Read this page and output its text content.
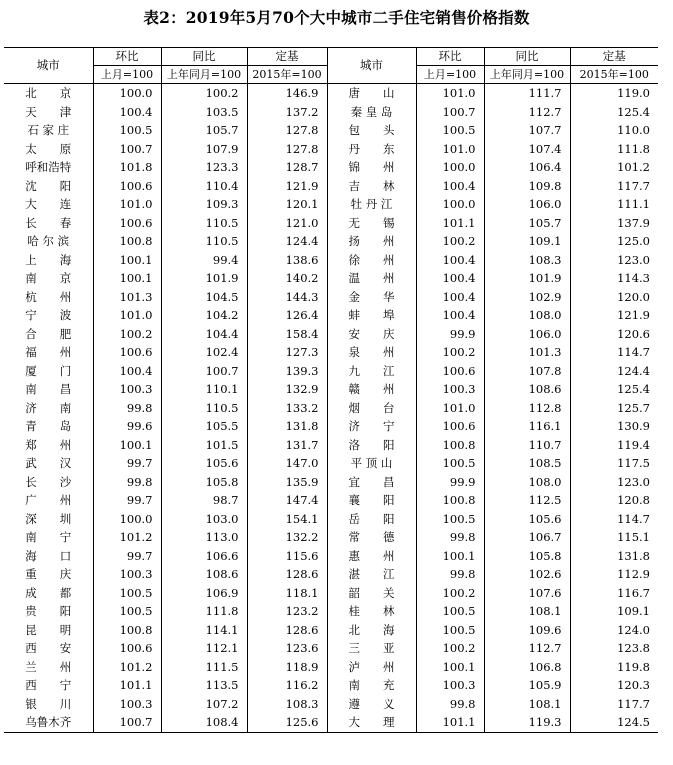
表2：2019年5月70个大中城市二手住宅销售价格指数
城市	环比	同比	定基	城市	环比	同比	定基
	上月=100	上年同月=100	2015年=100		上月=100	上年同月=100	2015年=100
北　　京	100.0	100.2	146.9	唐　　山	101.0	111.7	119.0
天　　津	100.4	103.5	137.2	秦 皇 岛	100.7	112.7	125.4
石 家 庄	100.5	105.7	127.8	包　　头	100.5	107.7	110.0
太　　原	100.7	107.9	127.8	丹　　东	101.0	107.4	111.8
呼和浩特	101.8	123.3	128.7	锦　　州	100.0	106.4	101.2
沈　　阳	100.6	110.4	121.9	吉　　林	100.4	109.8	117.7
大　　连	101.0	109.3	120.1	牡 丹 江	100.0	106.0	111.1
长　　春	100.6	110.5	121.0	无　　锡	101.1	105.7	137.9
哈 尔 滨	100.8	110.5	124.4	扬　　州	100.2	109.1	125.0
上　　海	100.1	99.4	138.6	徐　　州	100.4	108.3	123.0
南　　京	100.1	101.9	140.2	温　　州	100.4	101.9	114.3
杭　　州	101.3	104.5	144.3	金　　华	100.4	102.9	120.0
宁　　波	101.0	104.2	126.4	蚌　　埠	100.4	108.0	121.9
合　　肥	100.2	104.4	158.4	安　　庆	99.9	106.0	120.6
福　　州	100.6	102.4	127.3	泉　　州	100.2	101.3	114.7
厦　　门	100.4	100.7	139.3	九　　江	100.6	107.8	124.4
南　　昌	100.3	110.1	132.9	赣　　州	100.3	108.6	125.4
济　　南	99.8	110.5	133.2	烟　　台	101.0	112.8	125.7
青　　岛	99.6	105.5	131.8	济　　宁	100.6	116.1	130.9
郑　　州	100.1	101.5	131.7	洛　　阳	100.8	110.7	119.4
武　　汉	99.7	105.6	147.0	平 顶 山	100.5	108.5	117.5
长　　沙	99.8	105.8	135.9	宜　　昌	99.9	108.0	123.0
广　　州	99.7	98.7	147.4	襄　　阳	100.8	112.5	120.8
深　　圳	100.0	103.0	154.1	岳　　阳	100.5	105.6	114.7
南　　宁	101.2	113.0	132.2	常　　德	99.8	106.7	115.1
海　　口	99.7	106.6	115.6	惠　　州	100.1	105.8	131.8
重　　庆	100.3	108.6	128.6	湛　　江	99.8	102.6	112.9
成　　都	100.5	106.9	118.1	韶　　关	100.2	107.6	116.7
贵　　阳	100.5	111.8	123.2	桂　　林	100.5	108.1	109.1
昆　　明	100.8	114.1	128.6	北　　海	100.5	109.6	124.0
西　　安	100.6	112.1	123.6	三　　亚	100.2	112.7	123.8
兰　　州	101.2	111.5	118.9	泸　　州	100.1	106.8	119.8
西　　宁	101.1	113.5	116.2	南　　充	100.3	105.9	120.3
银　　川	100.3	107.2	108.3	遵　　义	99.8	108.1	117.7
乌鲁木齐	100.7	108.4	125.6	大　　理	101.1	119.3	124.5
